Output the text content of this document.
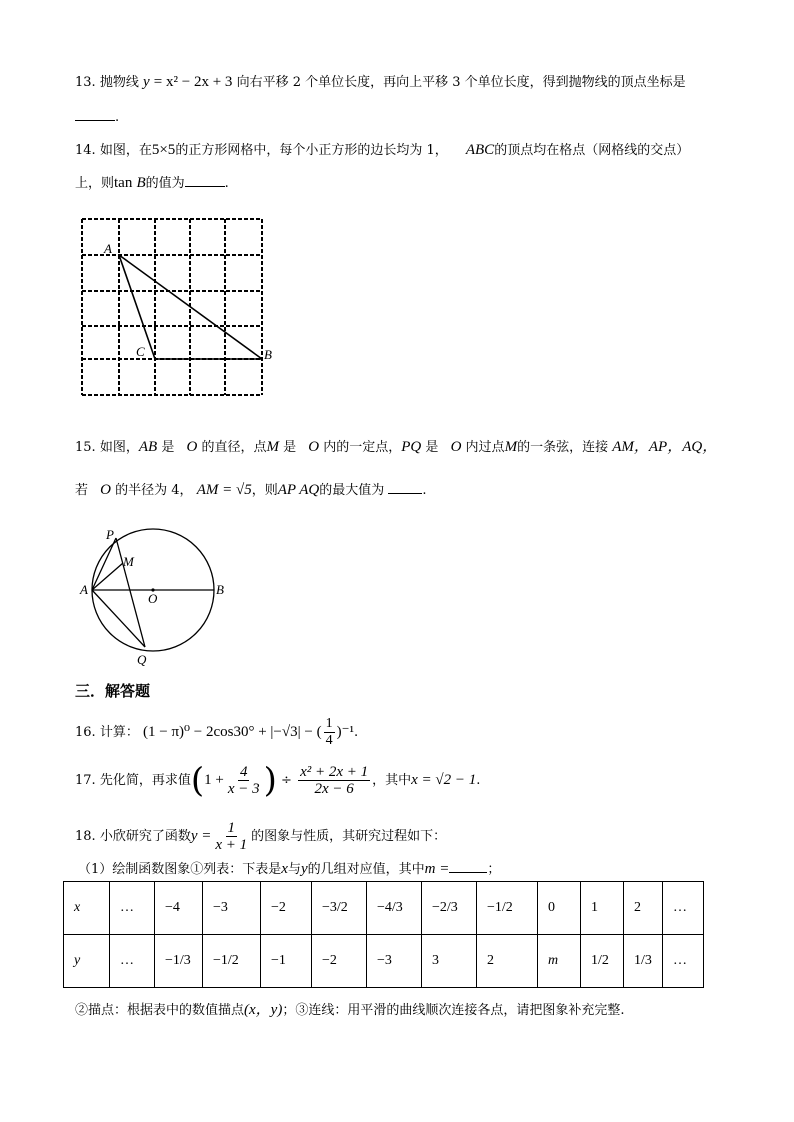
13. 抛物线 y = x² − 2x + 3 向右平移 2 个单位长度，再向上平移 3 个单位长度，得到抛物线的顶点坐标是
.
14. 如图，在5×5的正方形网格中，每个小正方形的边长均为 1， ABC的顶点均在格点（网格线的交点）
上，则tan B的值为	.
A
C	B
15. 如图，AB 是 O 的直径，点M 是 O 内的一定点，PQ 是 O 内过点M的一条弦，连接 AM，AP，AQ，
若 O 的半径为 4， AM = √5，则AP AQ的最大值为	.
P
M
A
O
B
Q
三．解答题
16. 计算： (1 − π)⁰ − 2cos30° + |−√3| − ( $\frac{1}{4} )^{-1}$.
17. 先化简，再求值($1 + \frac{4}{x - 3}$ ) ÷ $\frac{\text{x² + 2x + 1}}{2x - 6}$ ，其中x = √2 − 1.
18. 小欣研究了函数$y = \frac{1}{x + 1}$ 的图象与性质，其研究过程如下：
（1）绘制函数图象①列表：下表是x与y的几组对应值，其中m =	；
x	…	−4	−3	−2	−3/2	−4/3	−2/3	−1/2	0	1	2	…
y	…	−1/3	−1/2	−1	−2	−3	3	2	m	1/2	1/3	…
②描点：根据表中的数值描点(x，y)；③连线：用平滑的曲线顺次连接各点，请把图象补充完整.
